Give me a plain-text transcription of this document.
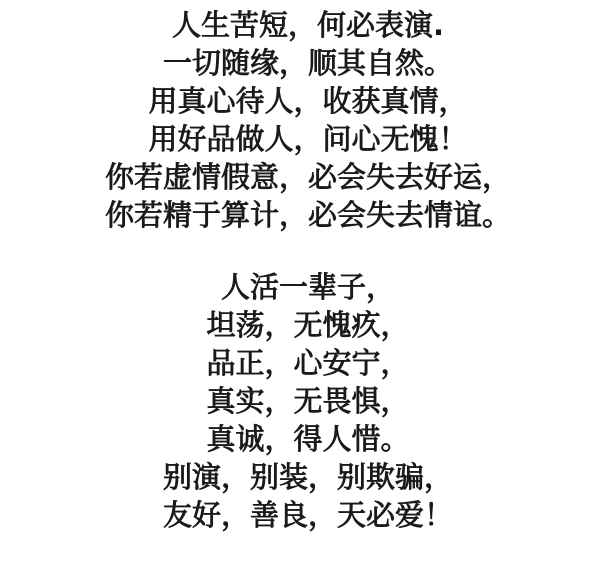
人生苦短，何必表演.
一切随缘，顺其自然。
用真心待人，收获真情，
用好品做人，问心无愧！
你若虚情假意，必会失去好运，
你若精于算计，必会失去情谊。
人活一辈子，
坦荡，无愧疚，
品正，心安宁，
真实，无畏惧，
真诚，得人惜。
别演，别装，别欺骗，
友好，善良，天必爱！
